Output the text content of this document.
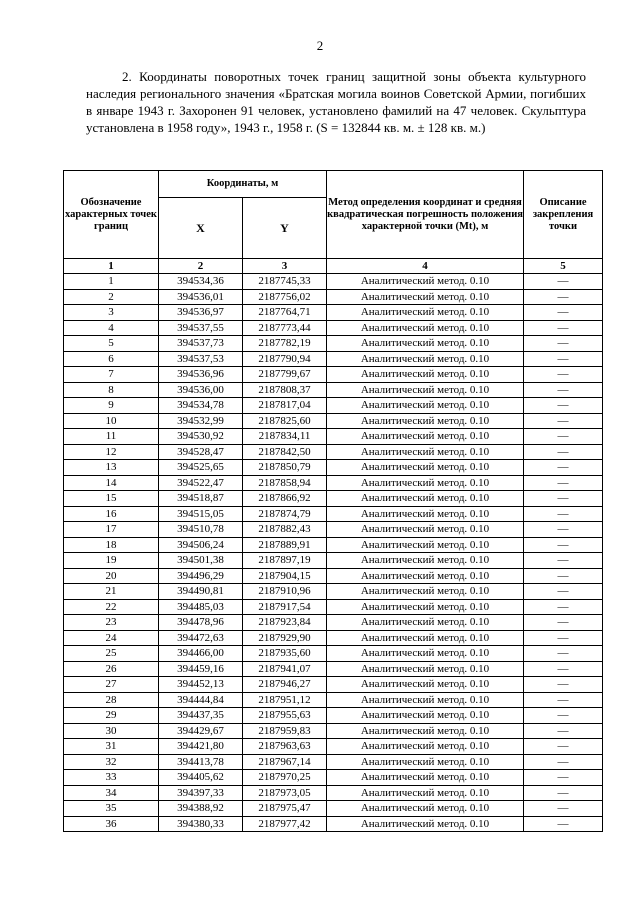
2

2. Координаты поворотных точек границ защитной зоны объекта культурного наследия регионального значения «Братская могила воинов Советской Армии, погибших в январе 1943 г. Захоронен 91 человек, установлено фамилий на 47 человек. Скульптура установлена в 1958 году», 1943 г., 1958 г. (S = 132844 кв. м. ± 128 кв. м.)

Обозначение характерных точек границ	Координаты, м		Метод определения координат и средняя квадратическая погрешность положения характерной точки (Mt), м	Описание закрепления точки
	X	Y		
1	2	3	4	5
1	394534,36	2187745,33	Аналитический метод. 0.10	—
2	394536,01	2187756,02	Аналитический метод. 0.10	—
3	394536,97	2187764,71	Аналитический метод. 0.10	—
4	394537,55	2187773,44	Аналитический метод. 0.10	—
5	394537,73	2187782,19	Аналитический метод. 0.10	—
6	394537,53	2187790,94	Аналитический метод. 0.10	—
7	394536,96	2187799,67	Аналитический метод. 0.10	—
8	394536,00	2187808,37	Аналитический метод. 0.10	—
9	394534,78	2187817,04	Аналитический метод. 0.10	—
10	394532,99	2187825,60	Аналитический метод. 0.10	—
11	394530,92	2187834,11	Аналитический метод. 0.10	—
12	394528,47	2187842,50	Аналитический метод. 0.10	—
13	394525,65	2187850,79	Аналитический метод. 0.10	—
14	394522,47	2187858,94	Аналитический метод. 0.10	—
15	394518,87	2187866,92	Аналитический метод. 0.10	—
16	394515,05	2187874,79	Аналитический метод. 0.10	—
17	394510,78	2187882,43	Аналитический метод. 0.10	—
18	394506,24	2187889,91	Аналитический метод. 0.10	—
19	394501,38	2187897,19	Аналитический метод. 0.10	—
20	394496,29	2187904,15	Аналитический метод. 0.10	—
21	394490,81	2187910,96	Аналитический метод. 0.10	—
22	394485,03	2187917,54	Аналитический метод. 0.10	—
23	394478,96	2187923,84	Аналитический метод. 0.10	—
24	394472,63	2187929,90	Аналитический метод. 0.10	—
25	394466,00	2187935,60	Аналитический метод. 0.10	—
26	394459,16	2187941,07	Аналитический метод. 0.10	—
27	394452,13	2187946,27	Аналитический метод. 0.10	—
28	394444,84	2187951,12	Аналитический метод. 0.10	—
29	394437,35	2187955,63	Аналитический метод. 0.10	—
30	394429,67	2187959,83	Аналитический метод. 0.10	—
31	394421,80	2187963,63	Аналитический метод. 0.10	—
32	394413,78	2187967,14	Аналитический метод. 0.10	—
33	394405,62	2187970,25	Аналитический метод. 0.10	—
34	394397,33	2187973,05	Аналитический метод. 0.10	—
35	394388,92	2187975,47	Аналитический метод. 0.10	—
36	394380,33	2187977,42	Аналитический метод. 0.10	—
